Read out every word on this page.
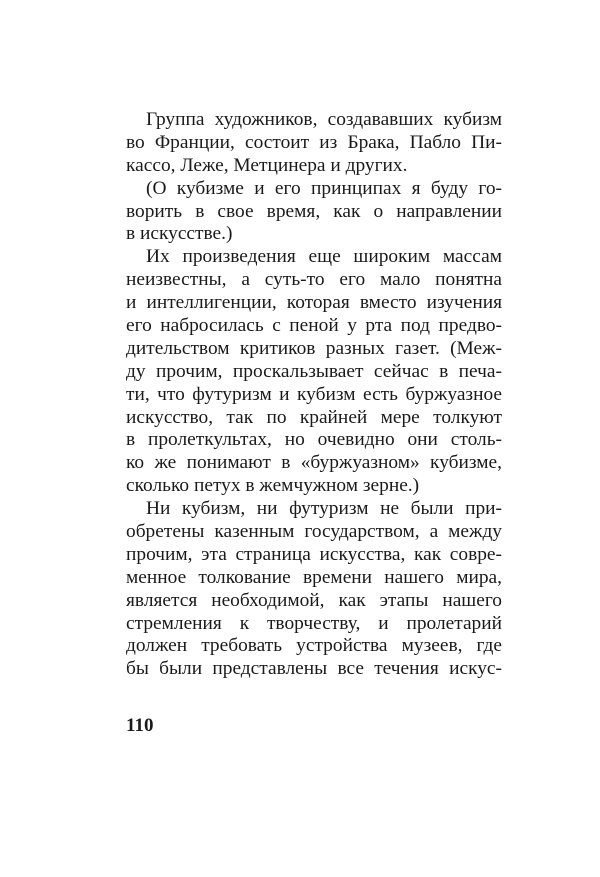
Группа художников, создававших кубизм
во Франции, состоит из Брака, Пабло Пи-
кассо, Леже, Метцинера и других.
(О кубизме и его принципах я буду го-
ворить в свое время, как о направлении
в искусстве.)
Их произведения еще широким массам
неизвестны, а суть-то его мало понятна
и интеллигенции, которая вместо изучения
его набросилась с пеной у рта под предво-
дительством критиков разных газет. (Меж-
ду прочим, проскальзывает сейчас в печа-
ти, что футуризм и кубизм есть буржуазное
искусство, так по крайней мере толкуют
в пролеткультах, но очевидно они столь-
ко же понимают в «буржуазном» кубизме,
сколько петух в жемчужном зерне.)
Ни кубизм, ни футуризм не были при-
обретены казенным государством, а между
прочим, эта страница искусства, как совре-
менное толкование времени нашего мира,
является необходимой, как этапы нашего
стремления к творчеству, и пролетарий
должен требовать устройства музеев, где
бы были представлены все течения искус-
110
